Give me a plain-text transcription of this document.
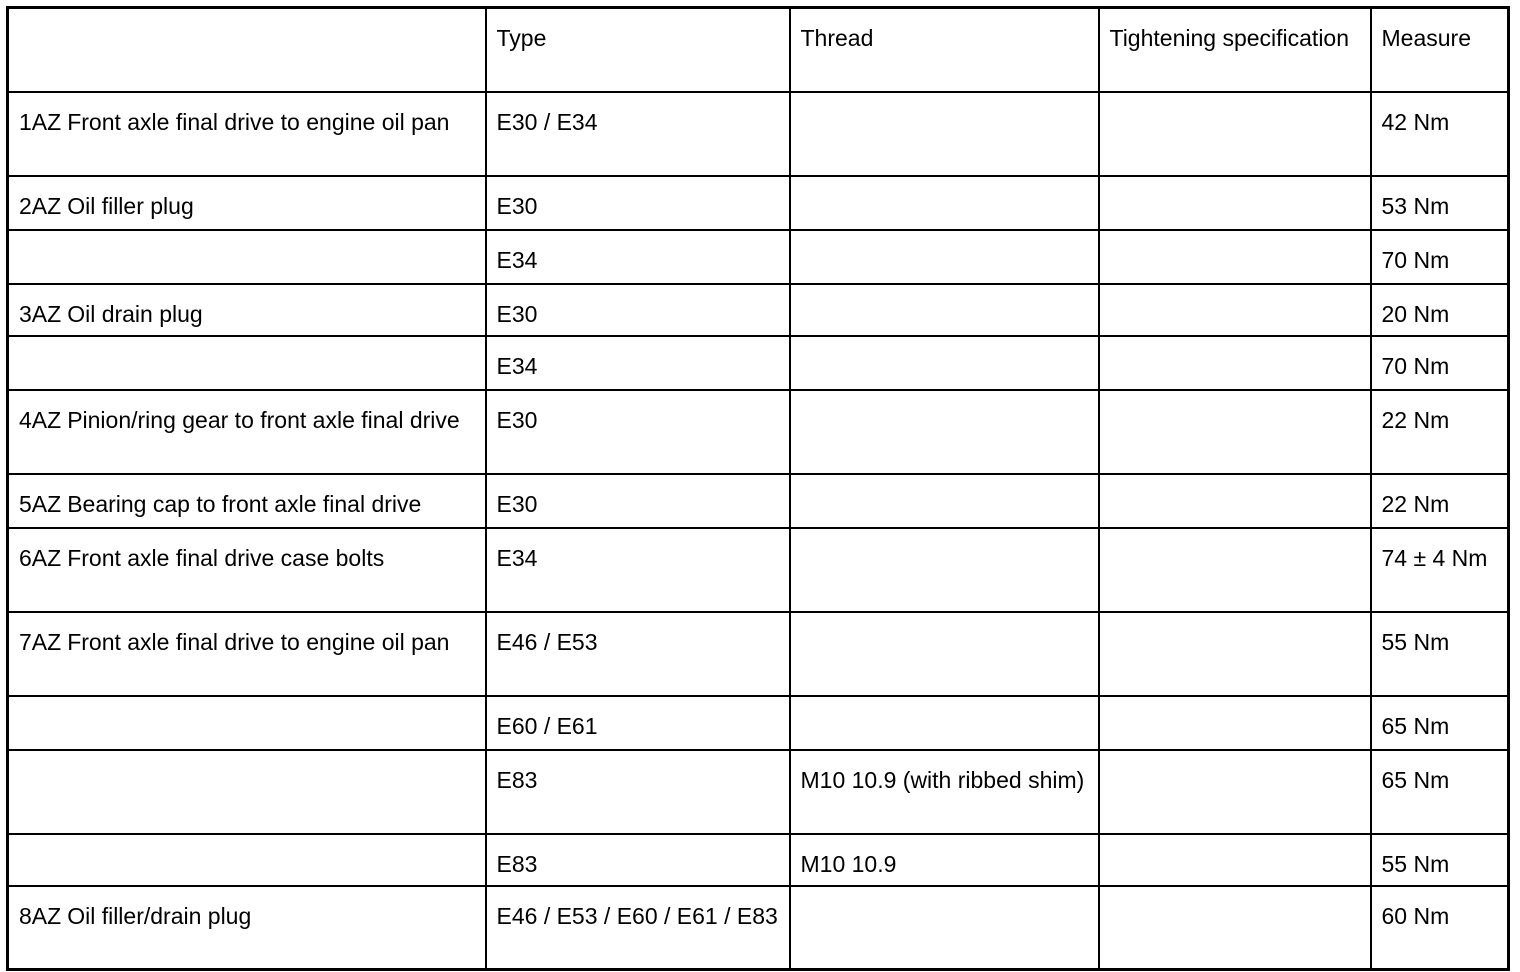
	Type	Thread	Tightening specification	Measure
1AZ Front axle final drive to engine oil pan	E30 / E34			42 Nm
2AZ Oil filler plug	E30			53 Nm
	E34			70 Nm
3AZ Oil drain plug	E30			20 Nm
	E34			70 Nm
4AZ Pinion/ring gear to front axle final drive	E30			22 Nm
5AZ Bearing cap to front axle final drive	E30			22 Nm
6AZ Front axle final drive case bolts	E34			74 ± 4 Nm
7AZ Front axle final drive to engine oil pan	E46 / E53			55 Nm
	E60 / E61			65 Nm
	E83	M10 10.9 (with ribbed shim)		65 Nm
	E83	M10 10.9		55 Nm
8AZ Oil filler/drain plug	E46 / E53 / E60 / E61 / E83			60 Nm
